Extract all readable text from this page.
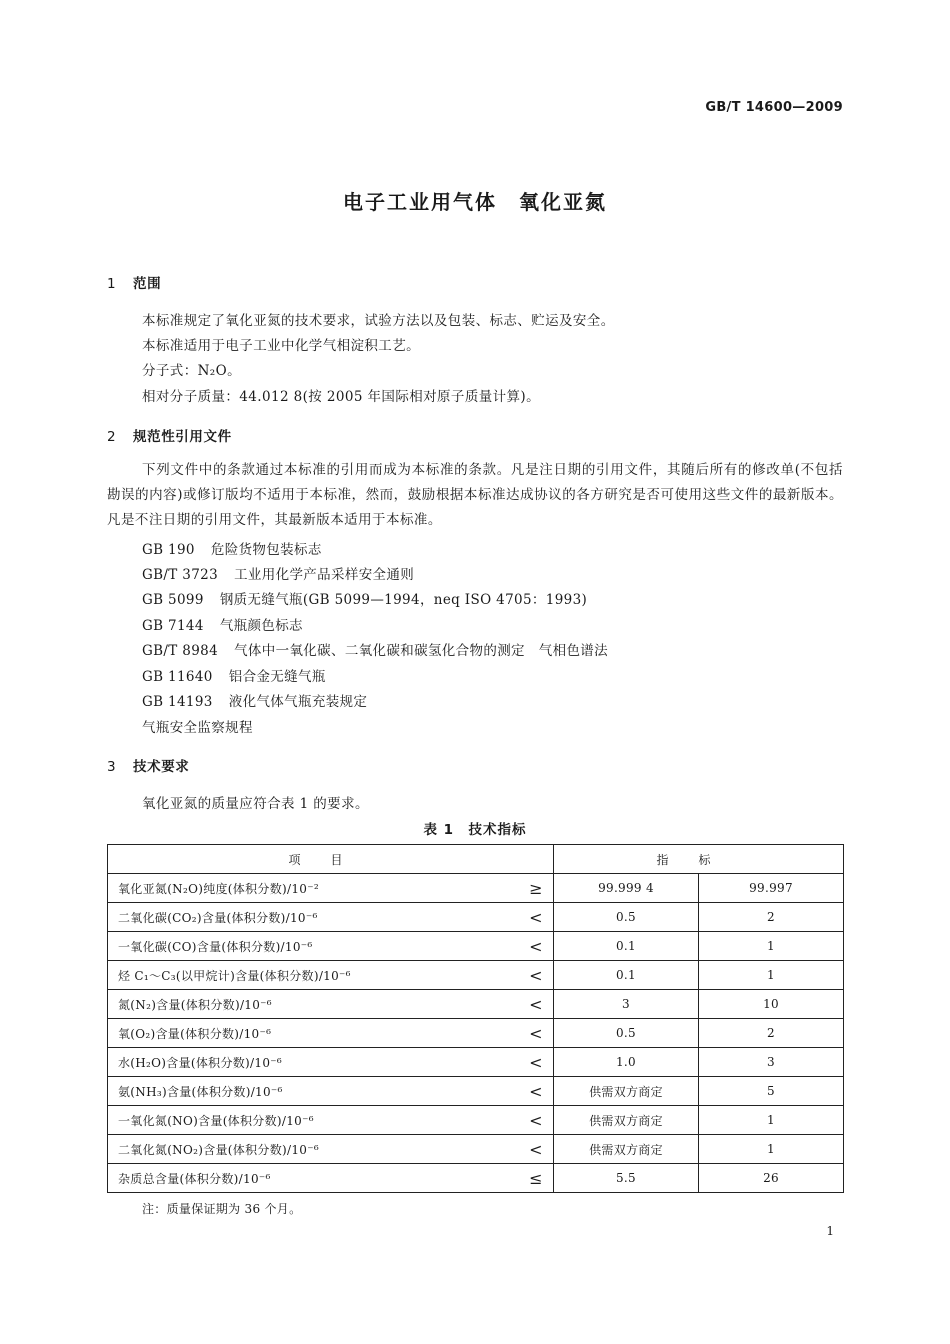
GB/T 14600—2009
电子工业用气体　氧化亚氮
1 范围
本标准规定了氧化亚氮的技术要求，试验方法以及包装、标志、贮运及安全。
本标准适用于电子工业中化学气相淀积工艺。
分子式：N₂O。
相对分子质量：44.012 8(按 2005 年国际相对原子质量计算)。
2 规范性引用文件
下列文件中的条款通过本标准的引用而成为本标准的条款。凡是注日期的引用文件，其随后所有的修改单(不包括勘误的内容)或修订版均不适用于本标准，然而，鼓励根据本标准达成协议的各方研究是否可使用这些文件的最新版本。凡是不注日期的引用文件，其最新版本适用于本标准。
GB 190 危险货物包装标志
GB/T 3723 工业用化学产品采样安全通则
GB 5099 钢质无缝气瓶(GB 5099—1994，neq ISO 4705：1993)
GB 7144 气瓶颜色标志
GB/T 8984 气体中一氧化碳、二氧化碳和碳氢化合物的测定　气相色谱法
GB 11640 铝合金无缝气瓶
GB 14193 液化气体气瓶充装规定
气瓶安全监察规程
3 技术要求
氧化亚氮的质量应符合表 1 的要求。
表 1　技术指标
项目		指标	
氧化亚氮(N₂O)纯度(体积分数)/10⁻²	≥	99.999 4	99.997
二氧化碳(CO₂)含量(体积分数)/10⁻⁶	<	0.5	2
一氧化碳(CO)含量(体积分数)/10⁻⁶	<	0.1	1
烃 C₁～C₃(以甲烷计)含量(体积分数)/10⁻⁶	<	0.1	1
氮(N₂)含量(体积分数)/10⁻⁶	<	3	10
氧(O₂)含量(体积分数)/10⁻⁶	<	0.5	2
水(H₂O)含量(体积分数)/10⁻⁶	<	1.0	3
氨(NH₃)含量(体积分数)/10⁻⁶	<	供需双方商定	5
一氧化氮(NO)含量(体积分数)/10⁻⁶	<	供需双方商定	1
二氧化氮(NO₂)含量(体积分数)/10⁻⁶	<	供需双方商定	1
杂质总含量(体积分数)/10⁻⁶	≤	5.5	26
注：质量保证期为 36 个月。
1
